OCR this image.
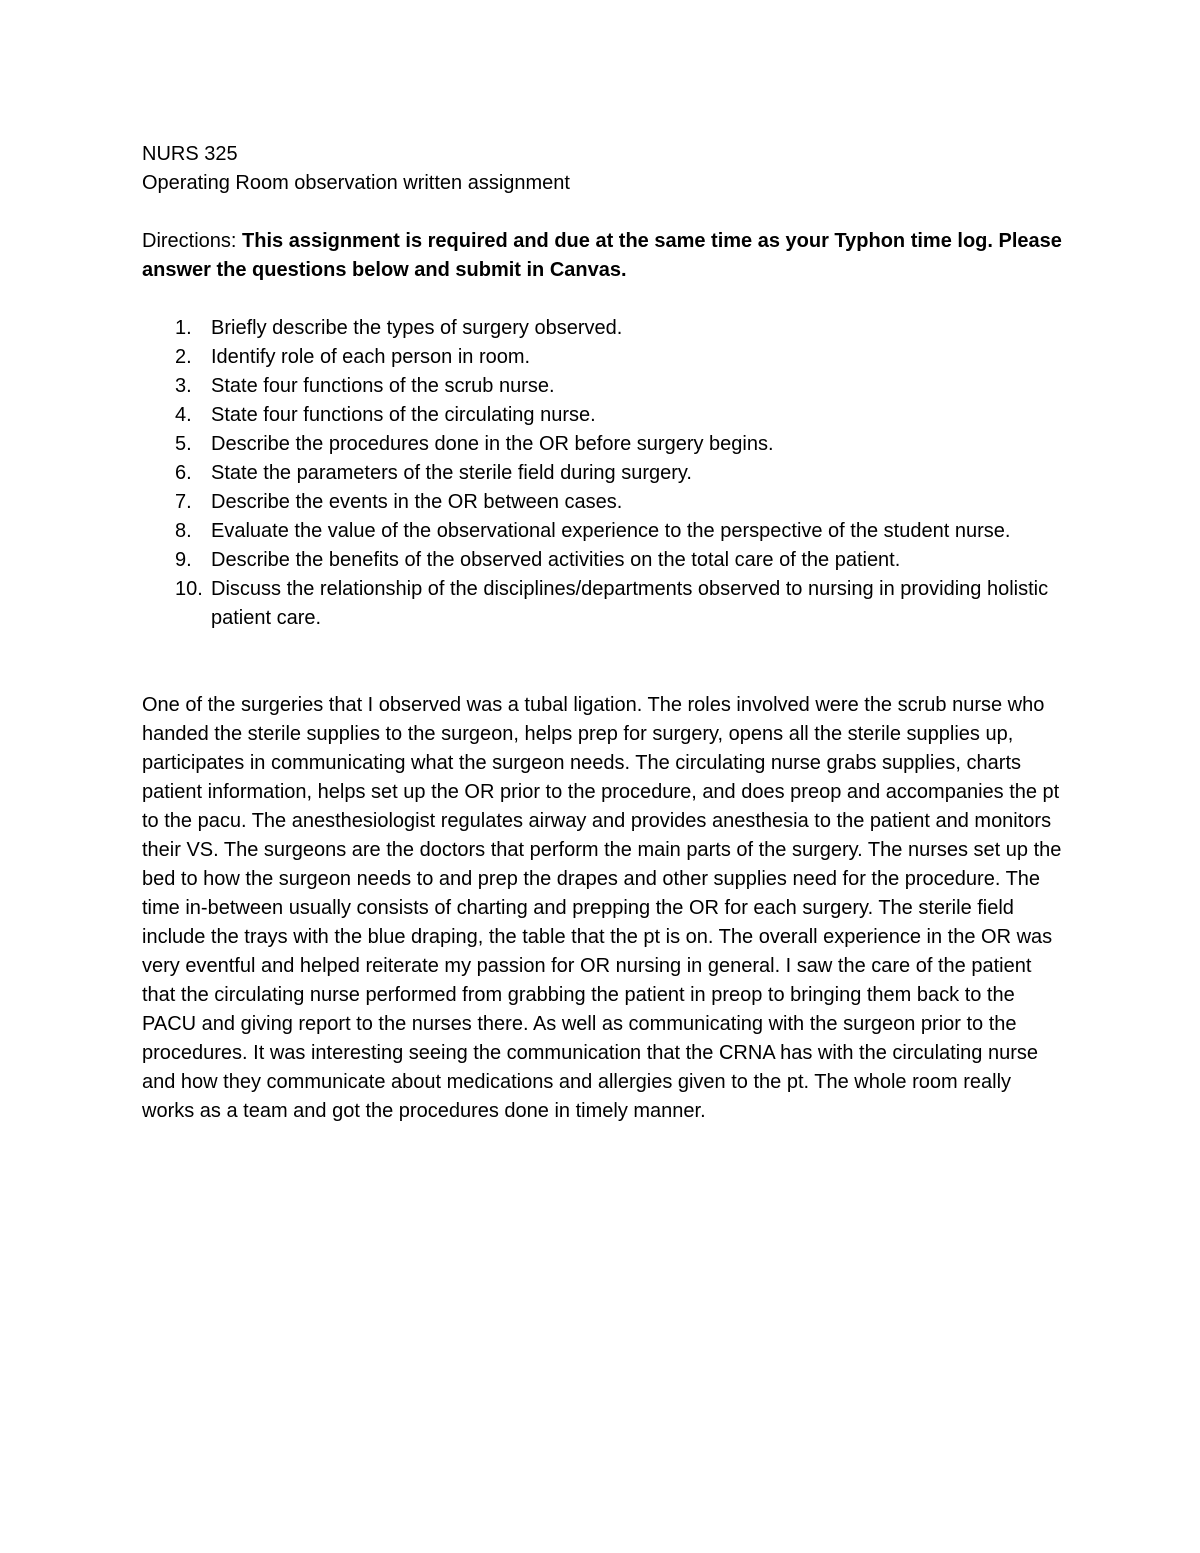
NURS 325

Operating Room observation written assignment

Directions: This assignment is required and due at the same time as your Typhon time log. Please answer the questions below and submit in Canvas.

1. Briefly describe the types of surgery observed.
2. Identify role of each person in room.
3. State four functions of the scrub nurse.
4. State four functions of the circulating nurse.
5. Describe the procedures done in the OR before surgery begins.
6. State the parameters of the sterile field during surgery.
7. Describe the events in the OR between cases.
8. Evaluate the value of the observational experience to the perspective of the student nurse.
9. Describe the benefits of the observed activities on the total care of the patient.
10. Discuss the relationship of the disciplines/departments observed to nursing in providing holistic patient care.

One of the surgeries that I observed was a tubal ligation. The roles involved were the scrub nurse who handed the sterile supplies to the surgeon, helps prep for surgery, opens all the sterile supplies up, participates in communicating what the surgeon needs. The circulating nurse grabs supplies, charts patient information, helps set up the OR prior to the procedure, and does preop and accompanies the pt to the pacu. The anesthesiologist regulates airway and provides anesthesia to the patient and monitors their VS. The surgeons are the doctors that perform the main parts of the surgery. The nurses set up the bed to how the surgeon needs to and prep the drapes and other supplies need for the procedure. The time in-between usually consists of charting and prepping the OR for each surgery. The sterile field include the trays with the blue draping, the table that the pt is on. The overall experience in the OR was very eventful and helped reiterate my passion for OR nursing in general. I saw the care of the patient that the circulating nurse performed from grabbing the patient in preop to bringing them back to the PACU and giving report to the nurses there. As well as communicating with the surgeon prior to the procedures. It was interesting seeing the communication that the CRNA has with the circulating nurse and how they communicate about medications and allergies given to the pt. The whole room really works as a team and got the procedures done in timely manner.
